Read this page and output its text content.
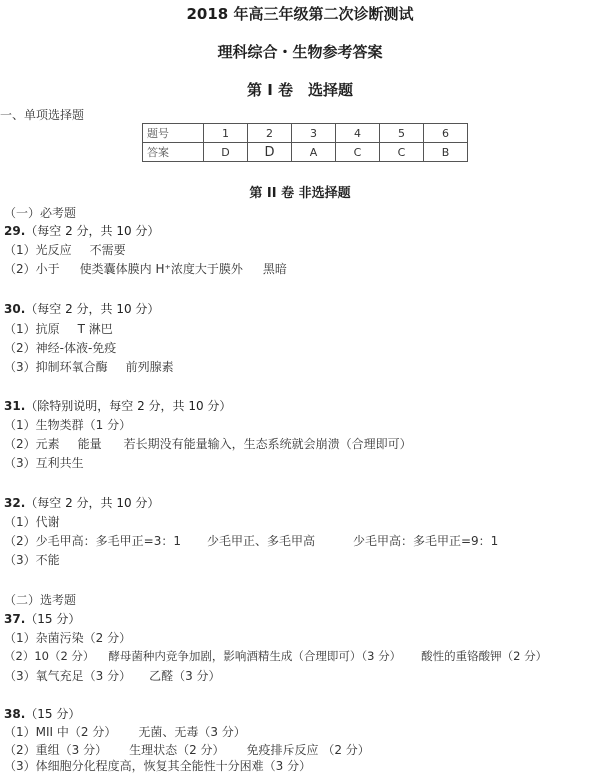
2018 年高三年级第二次诊断测试
理科综合・生物参考答案
第 I 卷　选择题
一、单项选择题
题号	1	2	3	4	5	6
答案	D	D	A	C	C	B
第 II 卷 非选择题
（一）必考题
29.（每空 2 分，共 10 分）
（1）光反应 不需要
（2）小于 使类囊体膜内 H⁺浓度大于膜外 黑暗
30.（每空 2 分，共 10 分）
（1）抗原 T 淋巴
（2）神经-体液-免疫
（3）抑制环氧合酶 前列腺素
31.（除特别说明，每空 2 分，共 10 分）
（1）生物类群（1 分）
（2）元素 能量 若长期没有能量输入，生态系统就会崩溃（合理即可）
（3）互利共生
32.（每空 2 分，共 10 分）
（1）代谢
（2）少毛甲高：多毛甲正=3：1 少毛甲正、多毛甲高	少毛甲高：多毛甲正=9：1
（3）不能
（二）选考题
37.（15 分）
（1）杂菌污染（2 分）
（2）10（2 分） 酵母菌种内竞争加剧，影响酒精生成（合理即可）（3 分） 酸性的重铬酸钾（2 分）
（3）氧气充足（3 分） 乙醛（3 分）
38.（15 分）
（1）MII 中（2 分） 无菌、无毒（3 分）
（2）重组（3 分） 生理状态（2 分） 免疫排斥反应 （2 分）
（3）体细胞分化程度高，恢复其全能性十分困难（3 分）
